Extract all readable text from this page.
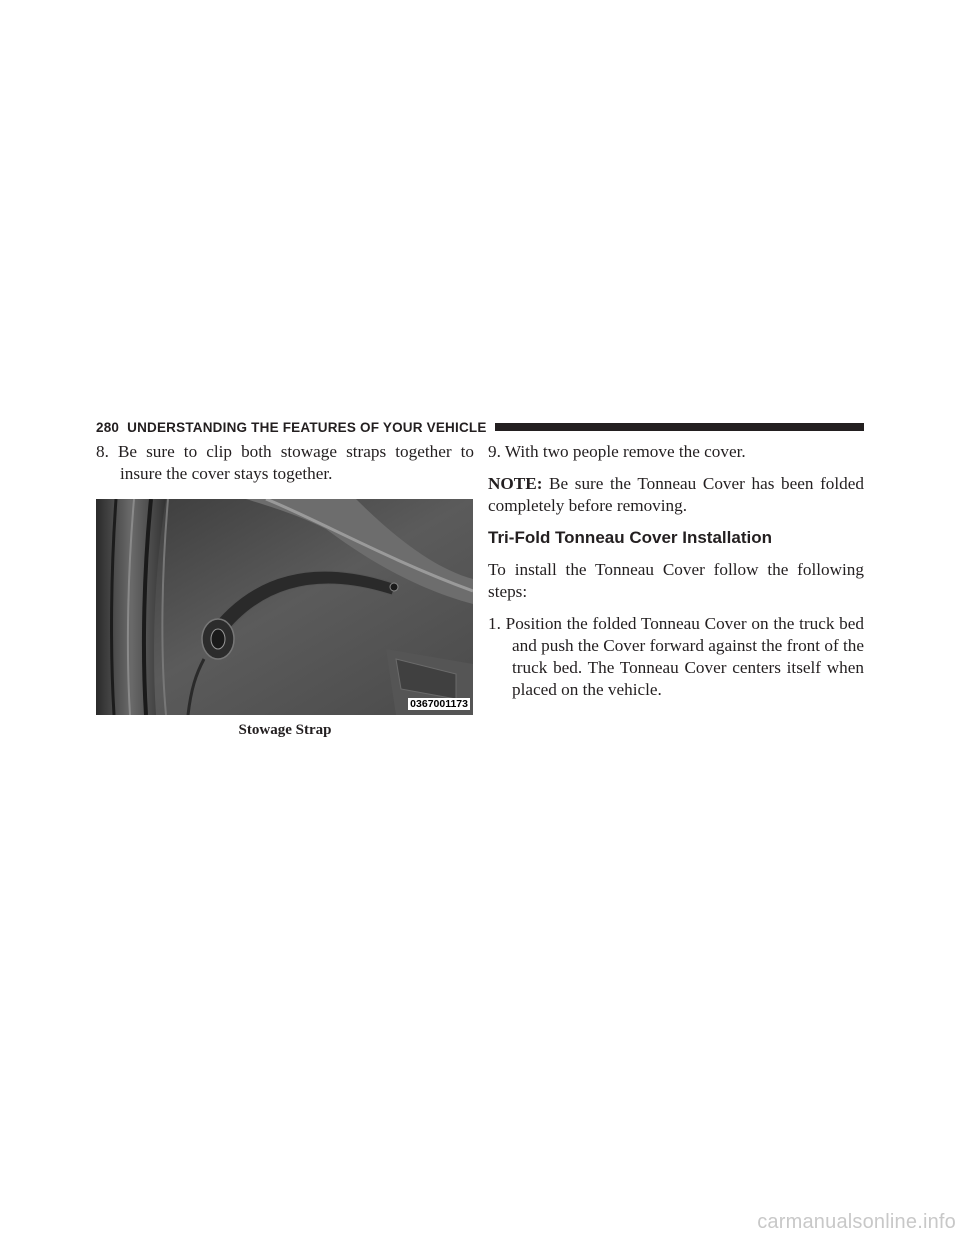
280 UNDERSTANDING THE FEATURES OF YOUR VEHICLE

8. Be sure to clip both stowage straps together to insure the cover stays together.

0367001173
Stowage Strap

9. With two people remove the cover.

NOTE: Be sure the Tonneau Cover has been folded completely before removing.

Tri-Fold Tonneau Cover Installation

To install the Tonneau Cover follow the following steps:

1. Position the folded Tonneau Cover on the truck bed and push the Cover forward against the front of the truck bed. The Tonneau Cover centers itself when placed on the vehicle.

carmanualsonline.info
